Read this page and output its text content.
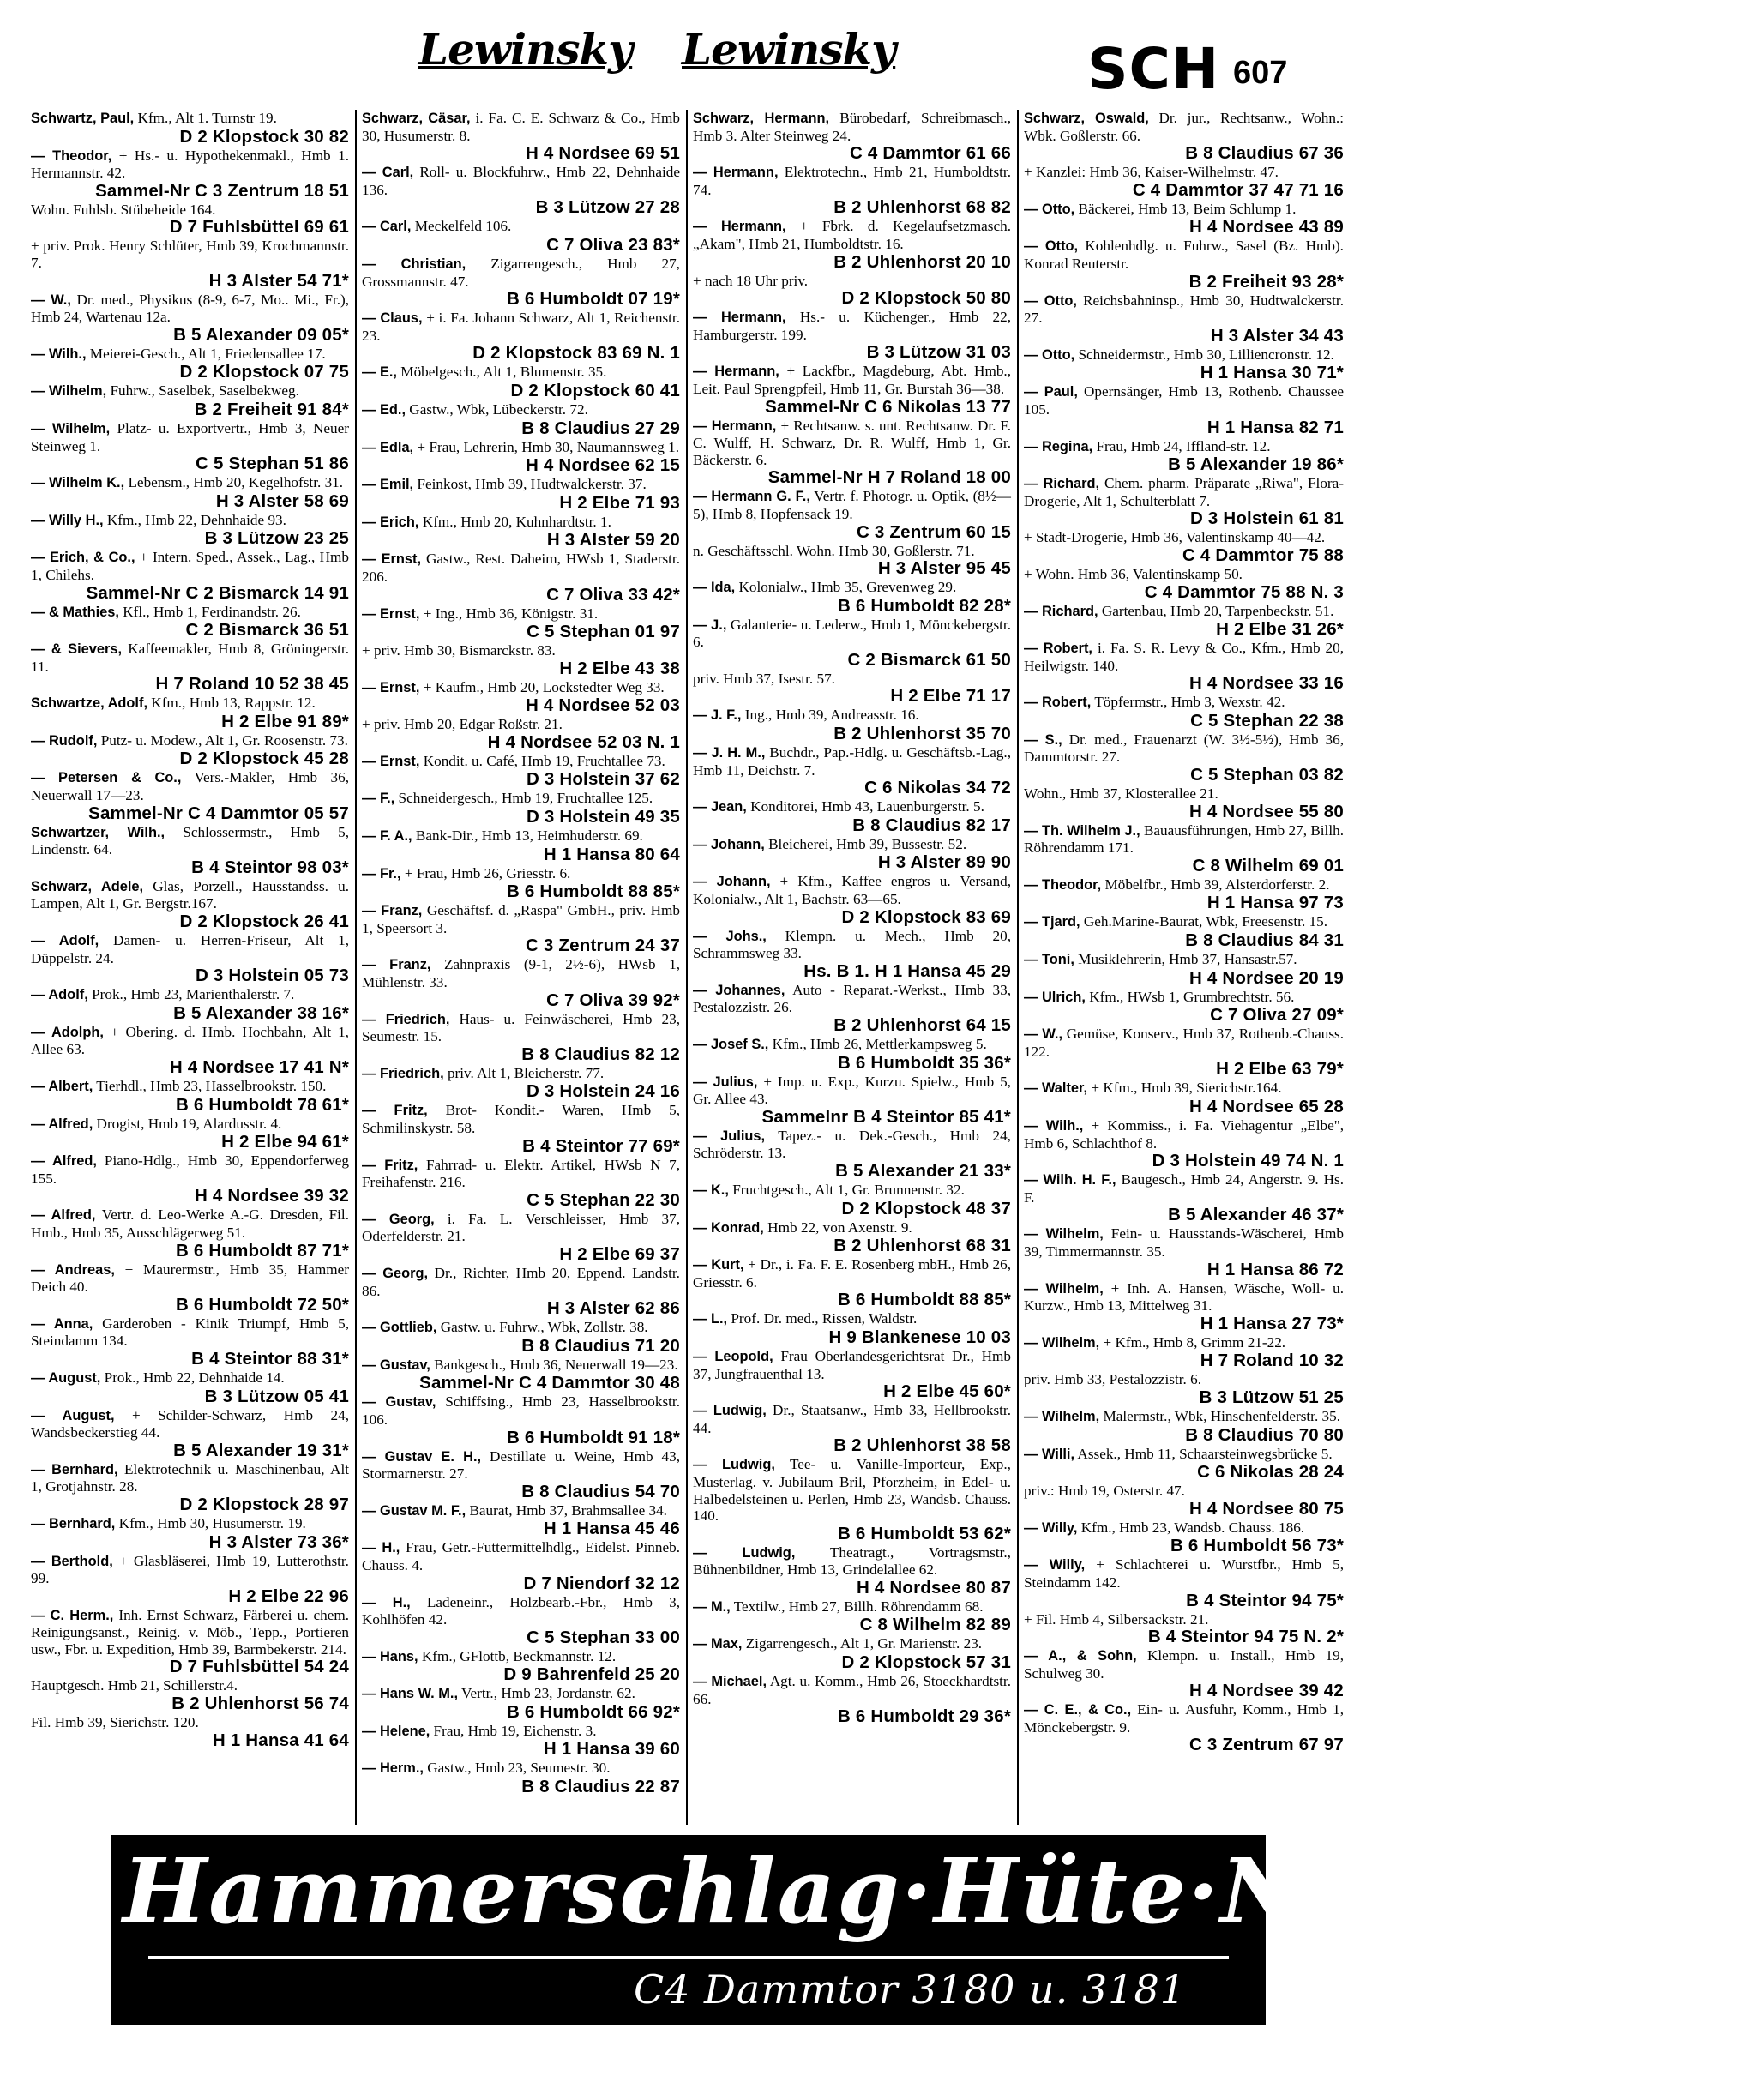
Lewinsky Lewinsky	SCH 607
Schwartz, Paul, Kfm., Alt 1. Turnstr 19.
D 2 Klopstock 30 82
— Theodor, + Hs.- u. Hypothekenmakl., Hmb 1. Hermannstr. 42.
Sammel-Nr C 3 Zentrum 18 51
Wohn. Fuhlsb. Stübeheide 164.
D 7 Fuhlsbüttel 69 61
+ priv. Prok. Henry Schlüter, Hmb 39, Krochmannstr. 7.
H 3 Alster 54 71*
— W., Dr. med., Physikus (8-9, 6-7, Mo.. Mi., Fr.), Hmb 24, Wartenau 12a.
B 5 Alexander 09 05*
— Wilh., Meierei-Gesch., Alt 1, Friedensallee 17.
D 2 Klopstock 07 75
— Wilhelm, Fuhrw., Saselbek, Saselbekweg.
B 2 Freiheit 91 84*
— Wilhelm, Platz- u. Exportvertr., Hmb 3, Neuer Steinweg 1.
C 5 Stephan 51 86
— Wilhelm K., Lebensm., Hmb 20, Kegelhofstr. 31.
H 3 Alster 58 69
— Willy H., Kfm., Hmb 22, Dehnhaide 93.
B 3 Lützow 23 25
— Erich, & Co., + Intern. Sped., Assek., Lag., Hmb 1, Chilehs.
Sammel-Nr C 2 Bismarck 14 91
— & Mathies, Kfl., Hmb 1, Ferdinandstr. 26.
C 2 Bismarck 36 51
— & Sievers, Kaffeemakler, Hmb 8, Gröningerstr. 11.
H 7 Roland 10 52 38 45
Schwartze, Adolf, Kfm., Hmb 13, Rappstr. 12.
H 2 Elbe 91 89*
— Rudolf, Putz- u. Modew., Alt 1, Gr. Roosenstr. 73.
D 2 Klopstock 45 28
— Petersen & Co., Vers.-Makler, Hmb 36, Neuerwall 17—23.
Sammel-Nr C 4 Dammtor 05 57
Schwartzer, Wilh., Schlossermstr., Hmb 5, Lindenstr. 64.
B 4 Steintor 98 03*
Schwarz, Adele, Glas, Porzell., Hausstandss. u. Lampen, Alt 1, Gr. Bergstr.167.
D 2 Klopstock 26 41
— Adolf, Damen- u. Herren-Friseur, Alt 1, Düppelstr. 24.
D 3 Holstein 05 73
— Adolf, Prok., Hmb 23, Marienthalerstr. 7.
B 5 Alexander 38 16*
— Adolph, + Obering. d. Hmb. Hochbahn, Alt 1, Allee 63.
H 4 Nordsee 17 41 N*
— Albert, Tierhdl., Hmb 23, Hasselbrookstr. 150.
B 6 Humboldt 78 61*
— Alfred, Drogist, Hmb 19, Alardusstr. 4.
H 2 Elbe 94 61*
— Alfred, Piano-Hdlg., Hmb 30, Eppendorferweg 155.
H 4 Nordsee 39 32
— Alfred, Vertr. d. Leo-Werke A.-G. Dresden, Fil. Hmb., Hmb 35, Ausschlägerweg 51.
B 6 Humboldt 87 71*
— Andreas, + Maurermstr., Hmb 35, Hammer Deich 40.
B 6 Humboldt 72 50*
— Anna, Garderoben - Kinik Triumpf, Hmb 5, Steindamm 134.
B 4 Steintor 88 31*
— August, Prok., Hmb 22, Dehnhaide 14.
B 3 Lützow 05 41
— August, + Schilder-Schwarz, Hmb 24, Wandsbeckerstieg 44.
B 5 Alexander 19 31*
— Bernhard, Elektrotechnik u. Maschinenbau, Alt 1, Grotjahnstr. 28.
D 2 Klopstock 28 97
— Bernhard, Kfm., Hmb 30, Husumerstr. 19.
H 3 Alster 73 36*
— Berthold, + Glasbläserei, Hmb 19, Lutterothstr. 99.
H 2 Elbe 22 96
— C. Herm., Inh. Ernst Schwarz, Färberei u. chem. Reinigungsanst., Reinig. v. Möb., Tepp., Portieren usw., Fbr. u. Expedition, Hmb 39, Barmbekerstr. 214.
D 7 Fuhlsbüttel 54 24
Hauptgesch. Hmb 21, Schillerstr.4.
B 2 Uhlenhorst 56 74
Fil. Hmb 39, Sierichstr. 120.
H 1 Hansa 41 64
Schwarz, Cäsar, i. Fa. C. E. Schwarz & Co., Hmb 30, Husumerstr. 8.
H 4 Nordsee 69 51
— Carl, Roll- u. Blockfuhrw., Hmb 22, Dehnhaide 136.
B 3 Lützow 27 28
— Carl, Meckelfeld 106.
C 7 Oliva 23 83*
— Christian, Zigarrengesch., Hmb 27, Grossmannstr. 47.
B 6 Humboldt 07 19*
— Claus, + i. Fa. Johann Schwarz, Alt 1, Reichenstr. 23.
D 2 Klopstock 83 69 N. 1
— E., Möbelgesch., Alt 1, Blumenstr. 35.
D 2 Klopstock 60 41
— Ed., Gastw., Wbk, Lübeckerstr. 72.
B 8 Claudius 27 29
— Edla, + Frau, Lehrerin, Hmb 30, Naumannsweg 1.
H 4 Nordsee 62 15
— Emil, Feinkost, Hmb 39, Hudtwalckerstr. 37.
H 2 Elbe 71 93
— Erich, Kfm., Hmb 20, Kuhnhardtstr. 1.
H 3 Alster 59 20
— Ernst, Gastw., Rest. Daheim, HWsb 1, Staderstr. 206.
C 7 Oliva 33 42*
— Ernst, + Ing., Hmb 36, Königstr. 31.
C 5 Stephan 01 97
+ priv. Hmb 30, Bismarckstr. 83.
H 2 Elbe 43 38
— Ernst, + Kaufm., Hmb 20, Lockstedter Weg 33.
H 4 Nordsee 52 03
+ priv. Hmb 20, Edgar Roßstr. 21.
H 4 Nordsee 52 03 N. 1
— Ernst, Kondit. u. Café, Hmb 19, Fruchtallee 73.
D 3 Holstein 37 62
— F., Schneidergesch., Hmb 19, Fruchtallee 125.
D 3 Holstein 49 35
— F. A., Bank-Dir., Hmb 13, Heimhuderstr. 69.
H 1 Hansa 80 64
— Fr., + Frau, Hmb 26, Griesstr. 6.
B 6 Humboldt 88 85*
— Franz, Geschäftsf. d. „Raspa" GmbH., priv. Hmb 1, Speersort 3.
C 3 Zentrum 24 37
— Franz, Zahnpraxis (9-1, 2½-6), HWsb 1, Mühlenstr. 33.
C 7 Oliva 39 92*
— Friedrich, Haus- u. Feinwäscherei, Hmb 23, Seumestr. 15.
B 8 Claudius 82 12
— Friedrich, priv. Alt 1, Bleicherstr. 77.
D 3 Holstein 24 16
— Fritz, Brot- Kondit.- Waren, Hmb 5, Schmilinskystr. 58.
B 4 Steintor 77 69*
— Fritz, Fahrrad- u. Elektr. Artikel, HWsb N 7, Freihafenstr. 216.
C 5 Stephan 22 30
— Georg, i. Fa. L. Verschleisser, Hmb 37, Oderfelderstr. 21.
H 2 Elbe 69 37
— Georg, Dr., Richter, Hmb 20, Eppend. Landstr. 86.
H 3 Alster 62 86
— Gottlieb, Gastw. u. Fuhrw., Wbk, Zollstr. 38.
B 8 Claudius 71 20
— Gustav, Bankgesch., Hmb 36, Neuerwall 19—23.
Sammel-Nr C 4 Dammtor 30 48
— Gustav, Schiffsing., Hmb 23, Hasselbrookstr. 106.
B 6 Humboldt 91 18*
— Gustav E. H., Destillate u. Weine, Hmb 43, Stormarnerstr. 27.
B 8 Claudius 54 70
— Gustav M. F., Baurat, Hmb 37, Brahmsallee 34.
H 1 Hansa 45 46
— H., Frau, Getr.-Futtermittelhdlg., Eidelst. Pinneb. Chauss. 4.
D 7 Niendorf 32 12
— H., Ladeneinr., Holzbearb.-Fbr., Hmb 3, Kohlhöfen 42.
C 5 Stephan 33 00
— Hans, Kfm., GFlottb, Beckmannstr. 12.
D 9 Bahrenfeld 25 20
— Hans W. M., Vertr., Hmb 23, Jordanstr. 62.
B 6 Humboldt 66 92*
— Helene, Frau, Hmb 19, Eichenstr. 3.
H 1 Hansa 39 60
— Herm., Gastw., Hmb 23, Seumestr. 30.
B 8 Claudius 22 87
Schwarz, Hermann, Bürobedarf, Schreibmasch., Hmb 3. Alter Steinweg 24.
C 4 Dammtor 61 66
— Hermann, Elektrotechn., Hmb 21, Humboldtstr. 74.
B 2 Uhlenhorst 68 82
— Hermann, + Fbrk. d. Kegelaufsetzmasch. „Akam", Hmb 21, Humboldtstr. 16.
B 2 Uhlenhorst 20 10
+ nach 18 Uhr priv.
D 2 Klopstock 50 80
— Hermann, Hs.- u. Küchenger., Hmb 22, Hamburgerstr. 199.
B 3 Lützow 31 03
— Hermann, + Lackfbr., Magdeburg, Abt. Hmb., Leit. Paul Sprengpfeil, Hmb 11, Gr. Burstah 36—38.
Sammel-Nr C 6 Nikolas 13 77
— Hermann, + Rechtsanw. s. unt. Rechtsanw. Dr. F. C. Wulff, H. Schwarz, Dr. R. Wulff, Hmb 1, Gr. Bäckerstr. 6.
Sammel-Nr H 7 Roland 18 00
— Hermann G. F., Vertr. f. Photogr. u. Optik, (8½—5), Hmb 8, Hopfensack 19.
C 3 Zentrum 60 15
n. Geschäftsschl. Wohn. Hmb 30, Goßlerstr. 71.
H 3 Alster 95 45
— Ida, Kolonialw., Hmb 35, Grevenweg 29.
B 6 Humboldt 82 28*
— J., Galanterie- u. Lederw., Hmb 1, Mönckebergstr. 6.
C 2 Bismarck 61 50
priv. Hmb 37, Isestr. 57.
H 2 Elbe 71 17
— J. F., Ing., Hmb 39, Andreasstr. 16.
B 2 Uhlenhorst 35 70
— J. H. M., Buchdr., Pap.-Hdlg. u. Geschäftsb.-Lag., Hmb 11, Deichstr. 7.
C 6 Nikolas 34 72
— Jean, Konditorei, Hmb 43, Lauenburgerstr. 5.
B 8 Claudius 82 17
— Johann, Bleicherei, Hmb 39, Bussestr. 52.
H 3 Alster 89 90
— Johann, + Kfm., Kaffee engros u. Versand, Kolonialw., Alt 1, Bachstr. 63—65.
D 2 Klopstock 83 69
— Johs., Klempn. u. Mech., Hmb 20, Schrammsweg 33.
Hs. B 1. H 1 Hansa 45 29
— Johannes, Auto - Reparat.-Werkst., Hmb 33, Pestalozzistr. 26.
B 2 Uhlenhorst 64 15
— Josef S., Kfm., Hmb 26, Mettlerkampsweg 5.
B 6 Humboldt 35 36*
— Julius, + Imp. u. Exp., Kurzu. Spielw., Hmb 5, Gr. Allee 43.
Sammelnr B 4 Steintor 85 41*
— Julius, Tapez.- u. Dek.-Gesch., Hmb 24, Schröderstr. 13.
B 5 Alexander 21 33*
— K., Fruchtgesch., Alt 1, Gr. Brunnenstr. 32.
D 2 Klopstock 48 37
— Konrad, Hmb 22, von Axenstr. 9.
B 2 Uhlenhorst 68 31
— Kurt, + Dr., i. Fa. F. E. Rosenberg mbH., Hmb 26, Griesstr. 6.
B 6 Humboldt 88 85*
— L., Prof. Dr. med., Rissen, Waldstr.
H 9 Blankenese 10 03
— Leopold, Frau Oberlandesgerichtsrat Dr., Hmb 37, Jungfrauenthal 13.
H 2 Elbe 45 60*
— Ludwig, Dr., Staatsanw., Hmb 33, Hellbrookstr. 44.
B 2 Uhlenhorst 38 58
— Ludwig, Tee- u. Vanille-Importeur, Exp., Musterlag. v. Jubilaum Bril, Pforzheim, in Edel- u. Halbedelsteinen u. Perlen, Hmb 23, Wandsb. Chauss. 140.
B 6 Humboldt 53 62*
— Ludwig, Theatragt., Vortragsmstr., Bühnenbildner, Hmb 13, Grindelallee 62.
H 4 Nordsee 80 87
— M., Textilw., Hmb 27, Billh. Röhrendamm 68.
C 8 Wilhelm 82 89
— Max, Zigarrengesch., Alt 1, Gr. Marienstr. 23.
D 2 Klopstock 57 31
— Michael, Agt. u. Komm., Hmb 26, Stoeckhardtstr. 66.
B 6 Humboldt 29 36*
Schwarz, Oswald, Dr. jur., Rechtsanw., Wohn.: Wbk. Goßlerstr. 66.
B 8 Claudius 67 36
+ Kanzlei: Hmb 36, Kaiser-Wilhelmstr. 47.
C 4 Dammtor 37 47 71 16
— Otto, Bäckerei, Hmb 13, Beim Schlump 1.
H 4 Nordsee 43 89
— Otto, Kohlenhdlg. u. Fuhrw., Sasel (Bz. Hmb). Konrad Reuterstr.
B 2 Freiheit 93 28*
— Otto, Reichsbahninsp., Hmb 30, Hudtwalckerstr. 27.
H 3 Alster 34 43
— Otto, Schneidermstr., Hmb 30, Lilliencronstr. 12.
H 1 Hansa 30 71*
— Paul, Opernsänger, Hmb 13, Rothenb. Chaussee 105.
H 1 Hansa 82 71
— Regina, Frau, Hmb 24, Iffland-str. 12.
B 5 Alexander 19 86*
— Richard, Chem. pharm. Präparate „Riwa", Flora-Drogerie, Alt 1, Schulterblatt 7.
D 3 Holstein 61 81
+ Stadt-Drogerie, Hmb 36, Valentinskamp 40—42.
C 4 Dammtor 75 88
+ Wohn. Hmb 36, Valentinskamp 50.
C 4 Dammtor 75 88 N. 3
— Richard, Gartenbau, Hmb 20, Tarpenbeckstr. 51.
H 2 Elbe 31 26*
— Robert, i. Fa. S. R. Levy & Co., Kfm., Hmb 20, Heilwigstr. 140.
H 4 Nordsee 33 16
— Robert, Töpfermstr., Hmb 3, Wexstr. 42.
C 5 Stephan 22 38
— S., Dr. med., Frauenarzt (W. 3½-5½), Hmb 36, Dammtorstr. 27.
C 5 Stephan 03 82
Wohn., Hmb 37, Klosterallee 21.
H 4 Nordsee 55 80
— Th. Wilhelm J., Bauausführungen, Hmb 27, Billh. Röhrendamm 171.
C 8 Wilhelm 69 01
— Theodor, Möbelfbr., Hmb 39, Alsterdorferstr. 2.
H 1 Hansa 97 73
— Tjard, Geh.Marine-Baurat, Wbk, Freesenstr. 15.
B 8 Claudius 84 31
— Toni, Musiklehrerin, Hmb 37, Hansastr.57.
H 4 Nordsee 20 19
— Ulrich, Kfm., HWsb 1, Grumbrechtstr. 56.
C 7 Oliva 27 09*
— W., Gemüse, Konserv., Hmb 37, Rothenb.-Chauss. 122.
H 2 Elbe 63 79*
— Walter, + Kfm., Hmb 39, Sierichstr.164.
H 4 Nordsee 65 28
— Wilh., + Kommiss., i. Fa. Viehagentur „Elbe", Hmb 6, Schlachthof 8.
D 3 Holstein 49 74 N. 1
— Wilh. H. F., Baugesch., Hmb 24, Angerstr. 9. Hs. F.
B 5 Alexander 46 37*
— Wilhelm, Fein- u. Hausstands-Wäscherei, Hmb 39, Timmermannstr. 35.
H 1 Hansa 86 72
— Wilhelm, + Inh. A. Hansen, Wäsche, Woll- u. Kurzw., Hmb 13, Mittelweg 31.
H 1 Hansa 27 73*
— Wilhelm, + Kfm., Hmb 8, Grimm 21-22.
H 7 Roland 10 32
priv. Hmb 33, Pestalozzistr. 6.
B 3 Lützow 51 25
— Wilhelm, Malermstr., Wbk, Hinschenfelderstr. 35.
B 8 Claudius 70 80
— Willi, Assek., Hmb 11, Schaarsteinwegsbrücke 5.
C 6 Nikolas 28 24
priv.: Hmb 19, Osterstr. 47.
H 4 Nordsee 80 75
— Willy, Kfm., Hmb 23, Wandsb. Chauss. 186.
B 6 Humboldt 56 73*
— Willy, + Schlachterei u. Wurstfbr., Hmb 5, Steindamm 142.
B 4 Steintor 94 75*
+ Fil. Hmb 4, Silbersackstr. 21.
B 4 Steintor 94 75 N. 2*
— A., & Sohn, Klempn. u. Install., Hmb 19, Schulweg 30.
H 4 Nordsee 39 42
— C. E., & Co., Ein- u. Ausfuhr, Komm., Hmb 1, Mönckebergstr. 9.
C 3 Zentrum 67 97
Hammerschlag·Hüte·Neuerwall
C4 Dammtor 3180 u. 3181
